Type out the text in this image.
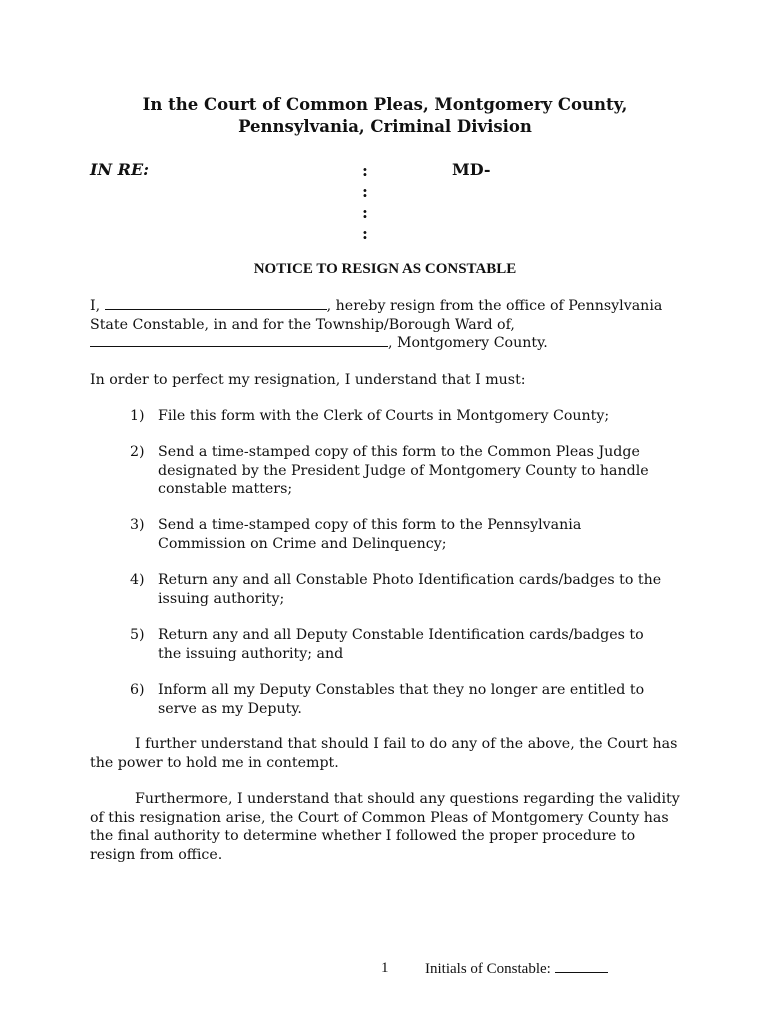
In the Court of Common Pleas, Montgomery County,
Pennsylvania, Criminal Division
IN RE:	:
:
:
:
MD-
NOTICE TO RESIGN AS CONSTABLE
I,	, hereby resign from the office of Pennsylvania
State Constable, in and for the Township/Borough Ward of,
, Montgomery County.
In order to perfect my resignation, I understand that I must:
1) File this form with the Clerk of Courts in Montgomery County;
2) Send a time-stamped copy of this form to the Common Pleas Judge designated by the President Judge of Montgomery County to handle constable matters;
3) Send a time-stamped copy of this form to the Pennsylvania Commission on Crime and Delinquency;
4) Return any and all Constable Photo Identification cards/badges to the issuing authority;
5) Return any and all Deputy Constable Identification cards/badges to the issuing authority; and
6) Inform all my Deputy Constables that they no longer are entitled to serve as my Deputy.
I further understand that should I fail to do any of the above, the Court has the power to hold me in contempt.
Furthermore, I understand that should any questions regarding the validity of this resignation arise, the Court of Common Pleas of Montgomery County has the final authority to determine whether I followed the proper procedure to resign from office.
1 Initials of Constable:
